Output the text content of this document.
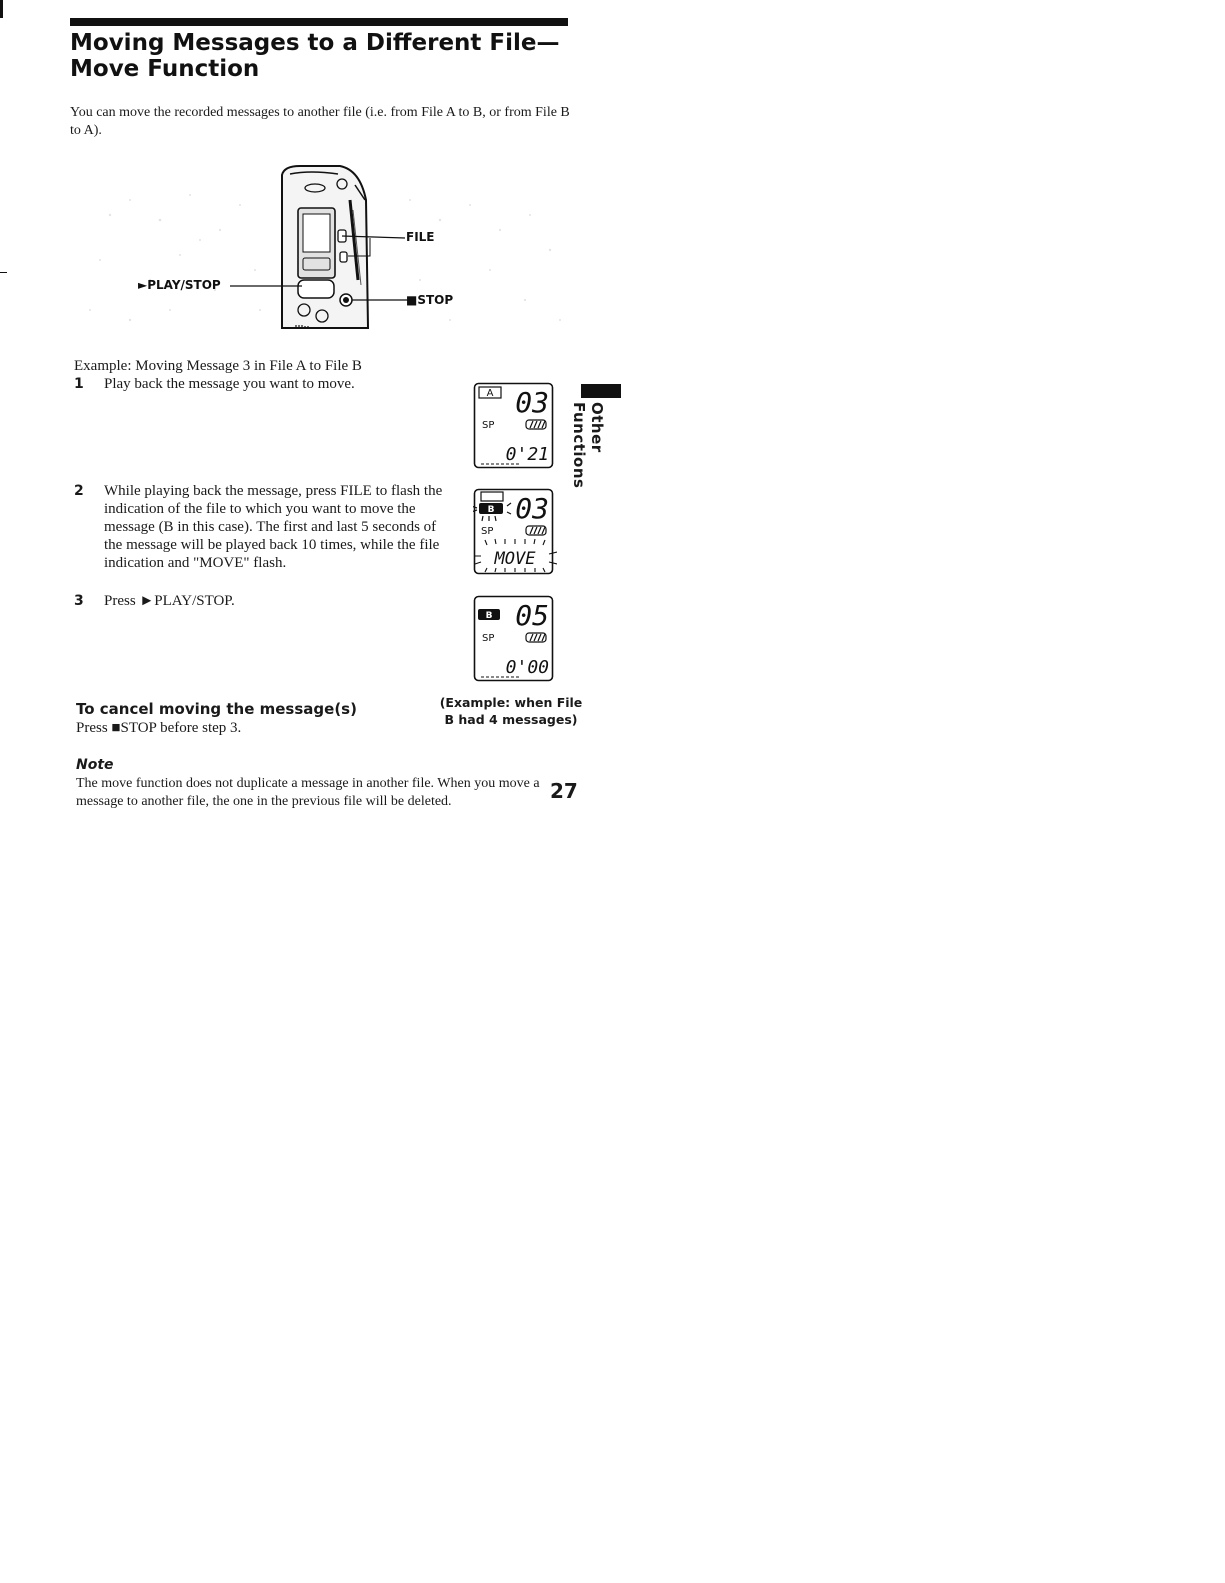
Moving Messages to a Different File—
Move Function
You can move the recorded messages to another file (i.e. from File A to B, or from File B to A).
FILE
►PLAY/STOP
■STOP
Example: Moving Message 3 in File A to File B
1 Play back the message you want to move.
2 While playing back the message, press FILE to flash the indication of the file to which you want to move the message (B in this case). The first and last 5 seconds of the message will be played back 10 times, while the file indication and "MOVE" flash.
3 Press ►PLAY/STOP.
A 03
SP
0'21
B 03
SP
MOVE
B 05
SP
0'00
(Example: when File B had 4 messages)
To cancel moving the message(s)
Press ■STOP before step 3.
Note
The move function does not duplicate a message in another file. When you move a message to another file, the one in the previous file will be deleted.	27
Other Functions
